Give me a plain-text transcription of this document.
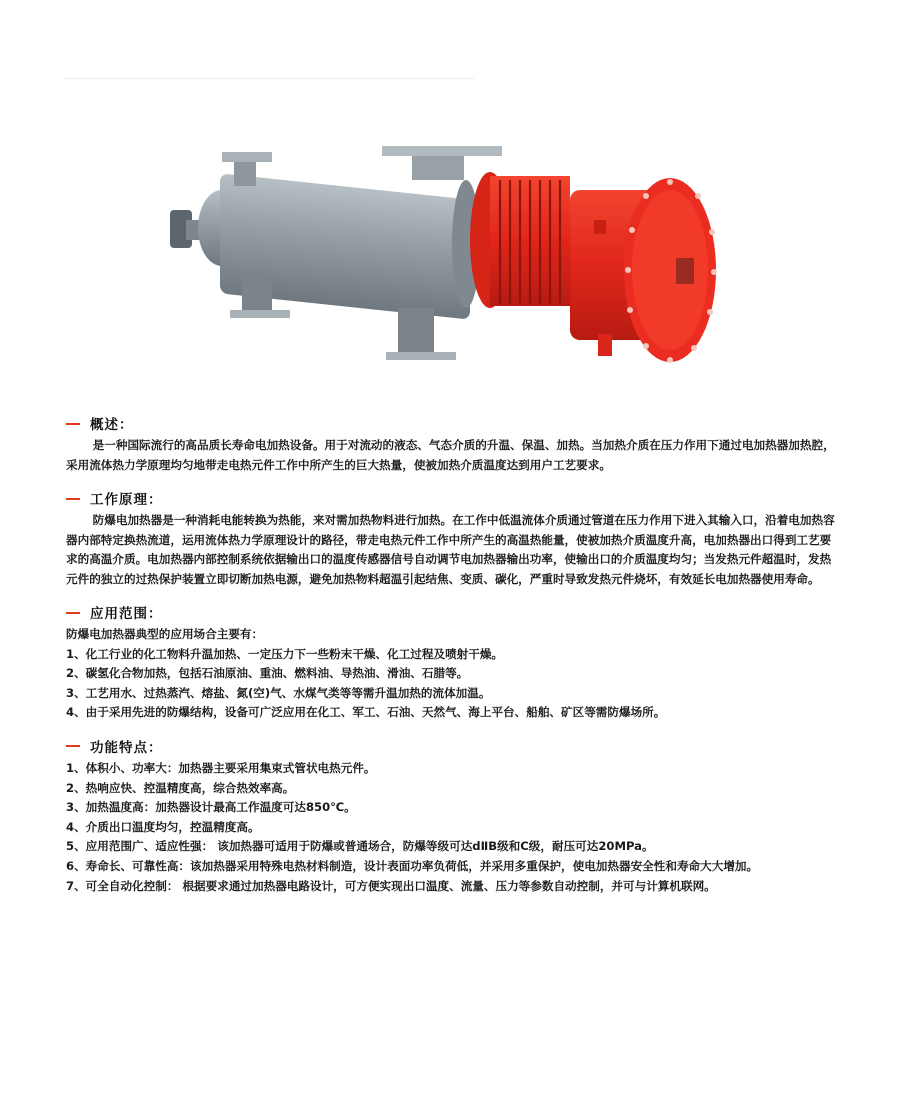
概述：

是一种国际流行的高品质长寿命电加热设备。用于对流动的液态、气态介质的升温、保温、加热。当加热介质在压力作用下通过电加热器加热腔，采用流体热力学原理均匀地带走电热元件工作中所产生的巨大热量，使被加热介质温度达到用户工艺要求。

工作原理：

防爆电加热器是一种消耗电能转换为热能，来对需加热物料进行加热。在工作中低温流体介质通过管道在压力作用下进入其输入口，沿着电加热容器内部特定换热流道，运用流体热力学原理设计的路径，带走电热元件工作中所产生的高温热能量，使被加热介质温度升高，电加热器出口得到工艺要求的高温介质。电加热器内部控制系统依据输出口的温度传感器信号自动调节电加热器输出功率，使输出口的介质温度均匀；当发热元件超温时，发热元件的独立的过热保护装置立即切断加热电源，避免加热物料超温引起结焦、变质、碳化，严重时导致发热元件烧坏，有效延长电加热器使用寿命。

应用范围：

防爆电加热器典型的应用场合主要有：

1、化工行业的化工物料升温加热、一定压力下一些粉末干燥、化工过程及喷射干燥。

2、碳氢化合物加热，包括石油原油、重油、燃料油、导热油、滑油、石腊等。

3、工艺用水、过热蒸汽、熔盐、氮(空)气、水煤气类等等需升温加热的流体加温。

4、由于采用先进的防爆结构，设备可广泛应用在化工、军工、石油、天然气、海上平台、船舶、矿区等需防爆场所。

功能特点：

1、体积小、功率大：加热器主要采用集束式管状电热元件。

2、热响应快、控温精度高，综合热效率高。

3、加热温度高：加热器设计最高工作温度可达850℃。

4、介质出口温度均匀，控温精度高。

5、应用范围广、适应性强： 该加热器可适用于防爆或普通场合，防爆等级可达dⅡB级和C级，耐压可达20MPa。

6、寿命长、可靠性高：该加热器采用特殊电热材料制造，设计表面功率负荷低，并采用多重保护，使电加热器安全性和寿命大大增加。

7、可全自动化控制： 根据要求通过加热器电路设计，可方便实现出口温度、流量、压力等参数自动控制，并可与计算机联网。
